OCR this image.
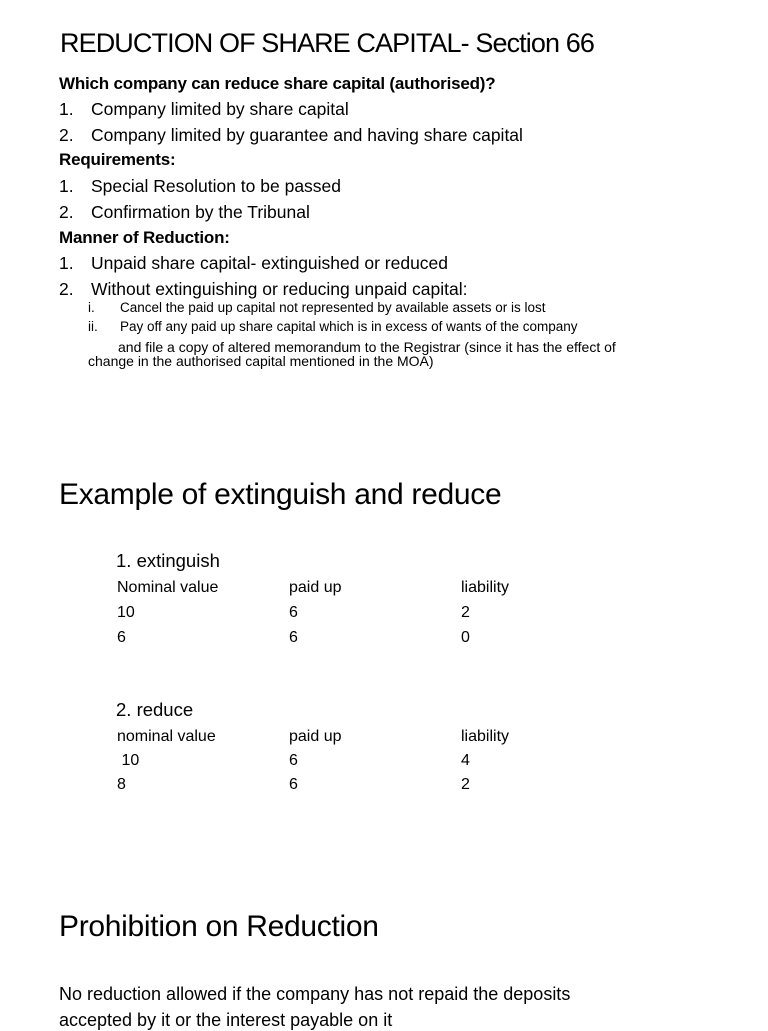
REDUCTION OF SHARE CAPITAL- Section 66
Which company can reduce share capital (authorised)?
1. Company limited by share capital
2. Company limited by guarantee and having share capital
Requirements:
1. Special Resolution to be passed
2. Confirmation by the Tribunal
Manner of Reduction:
1. Unpaid share capital- extinguished or reduced
2. Without extinguishing or reducing unpaid capital:
i. Cancel the paid up capital not represented by available assets or is lost
ii. Pay off any paid up share capital which is in excess of wants of the company
and file a copy of altered memorandum to the Registrar (since it has the effect of
change in the authorised capital mentioned in the MOA)
Example of extinguish and reduce
1. extinguish
Nominal value	paid up	liability
10	6	2
6	6	0
2. reduce
nominal value	paid up	liability
10	6	4
8	6	2
Prohibition on Reduction
No reduction allowed if the company has not repaid the deposits
accepted by it or the interest payable on it
